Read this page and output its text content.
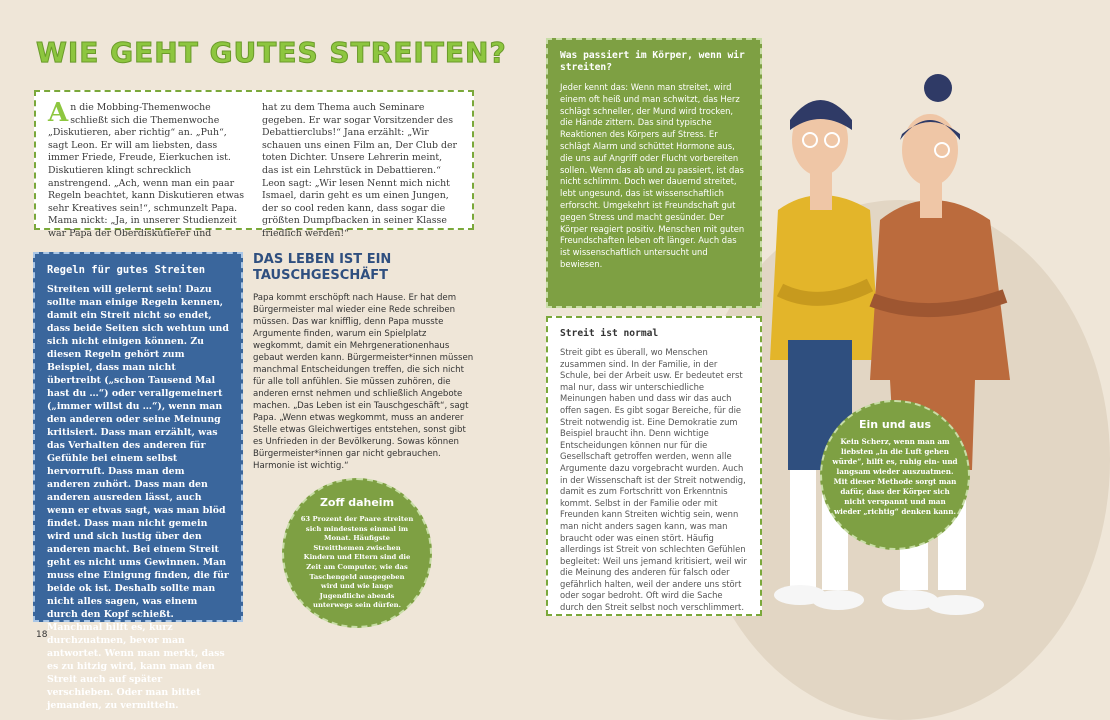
WIE GEHT GUTES STREITEN?

An die Mobbing-Themenwoche schließt sich die Themenwoche „Diskutieren, aber richtig“ an. „Puh“, sagt Leon. Er will am liebsten, dass immer Friede, Freude, Eierkuchen ist. Diskutieren klingt schrecklich anstrengend. „Ach, wenn man ein paar Regeln beachtet, kann Diskutieren etwas sehr Kreatives sein!“, schmunzelt Papa. Mama nickt: „Ja, in unserer Studienzeit war Papa der Oberdiskutierer und

hat zu dem Thema auch Seminare gegeben. Er war sogar Vorsitzender des Debattierclubs!“ Jana erzählt: „Wir schauen uns einen Film an, Der Club der toten Dichter. Unsere Lehrerin meint, das ist ein Lehrstück in Debattieren.“ Leon sagt: „Wir lesen Nennt mich nicht Ismael, darin geht es um einen Jungen, der so cool reden kann, dass sogar die größten Dumpfbacken in seiner Klasse friedlich werden!“

Regeln für gutes Streiten

Streiten will gelernt sein! Dazu sollte man einige Regeln kennen, damit ein Streit nicht so endet, dass beide Seiten sich wehtun und sich nicht einigen können. Zu diesen Regeln gehört zum Beispiel, dass man nicht übertreibt („schon Tausend Mal hast du …“) oder verallgemeinert („immer willst du …“), wenn man den anderen oder seine Meinung kritisiert. Dass man erzählt, was das Verhalten des anderen für Gefühle bei einem selbst hervorruft. Dass man dem anderen zuhört. Dass man den anderen ausreden lässt, auch wenn er etwas sagt, was man blöd findet. Dass man nicht gemein wird und sich lustig über den anderen macht. Bei einem Streit geht es nicht ums Gewinnen. Man muss eine Einigung finden, die für beide ok ist. Deshalb sollte man nicht alles sagen, was einem durch den Kopf schießt. Manchmal hilft es, kurz durchzuatmen, bevor man antwortet. Wenn man merkt, dass es zu hitzig wird, kann man den Streit auch auf später verschieben. Oder man bittet jemanden, zu vermitteln.

DAS LEBEN IST EIN TAUSCHGESCHÄFT

Papa kommt erschöpft nach Hause. Er hat dem Bürgermeister mal wieder eine Rede schreiben müssen. Das war knifflig, denn Papa musste Argumente finden, warum ein Spielplatz wegkommt, damit ein Mehrgenerationenhaus gebaut werden kann. Bürgermeister*innen müssen manchmal Entscheidungen treffen, die sich nicht für alle toll anfühlen. Sie müssen zuhören, die anderen ernst nehmen und schließlich Angebote machen. „Das Leben ist ein Tauschgeschäft“, sagt Papa. „Wenn etwas wegkommt, muss an anderer Stelle etwas Gleichwertiges entstehen, sonst gibt es Unfrieden in der Bevölkerung. Sowas können Bürgermeister*innen gar nicht gebrauchen. Harmonie ist wichtig.“

Zoff daheim

63 Prozent der Paare streiten sich mindestens einmal im Monat. Häufigste Streitthemen zwischen Kindern und Eltern sind die Zeit am Computer, wie das Taschengeld ausgegeben wird und wie lange Jugendliche abends unterwegs sein dürfen.

Was passiert im Körper, wenn wir streiten?

Jeder kennt das: Wenn man streitet, wird einem oft heiß und man schwitzt, das Herz schlägt schneller, der Mund wird trocken, die Hände zittern. Das sind typische Reaktionen des Körpers auf Stress. Er schlägt Alarm und schüttet Hormone aus, die uns auf Angriff oder Flucht vorbereiten sollen. Wenn das ab und zu passiert, ist das nicht schlimm. Doch wer dauernd streitet, lebt ungesund, das ist wissenschaftlich erforscht. Umgekehrt ist Freundschaft gut gegen Stress und macht gesünder. Der Körper reagiert positiv. Menschen mit guten Freundschaften leben oft länger. Auch das ist wissenschaftlich untersucht und bewiesen.

Streit ist normal

Streit gibt es überall, wo Menschen zusammen sind. In der Familie, in der Schule, bei der Arbeit usw. Er bedeutet erst mal nur, dass wir unterschiedliche Meinungen haben und dass wir das auch offen sagen. Es gibt sogar Bereiche, für die Streit notwendig ist. Eine Demokratie zum Beispiel braucht ihn. Denn wichtige Entscheidungen können nur für die Gesellschaft getroffen werden, wenn alle Argumente dazu vorgebracht wurden. Auch in der Wissenschaft ist der Streit notwendig, damit es zum Fortschritt von Erkenntnis kommt. Selbst in der Familie oder mit Freunden kann Streiten wichtig sein, wenn man nicht anders sagen kann, was man braucht oder was einen stört. Häufig allerdings ist Streit von schlechten Gefühlen begleitet: Weil uns jemand kritisiert, weil wir die Meinung des anderen für falsch oder gefährlich halten, weil der andere uns stört oder sogar bedroht. Oft wird die Sache durch den Streit selbst noch verschlimmert.

Ein und aus

Kein Scherz, wenn man am liebsten „in die Luft gehen würde“, hilft es, ruhig ein- und langsam wieder auszuatmen. Mit dieser Methode sorgt man dafür, dass der Körper sich nicht verspannt und man wieder „richtig“ denken kann.

18
